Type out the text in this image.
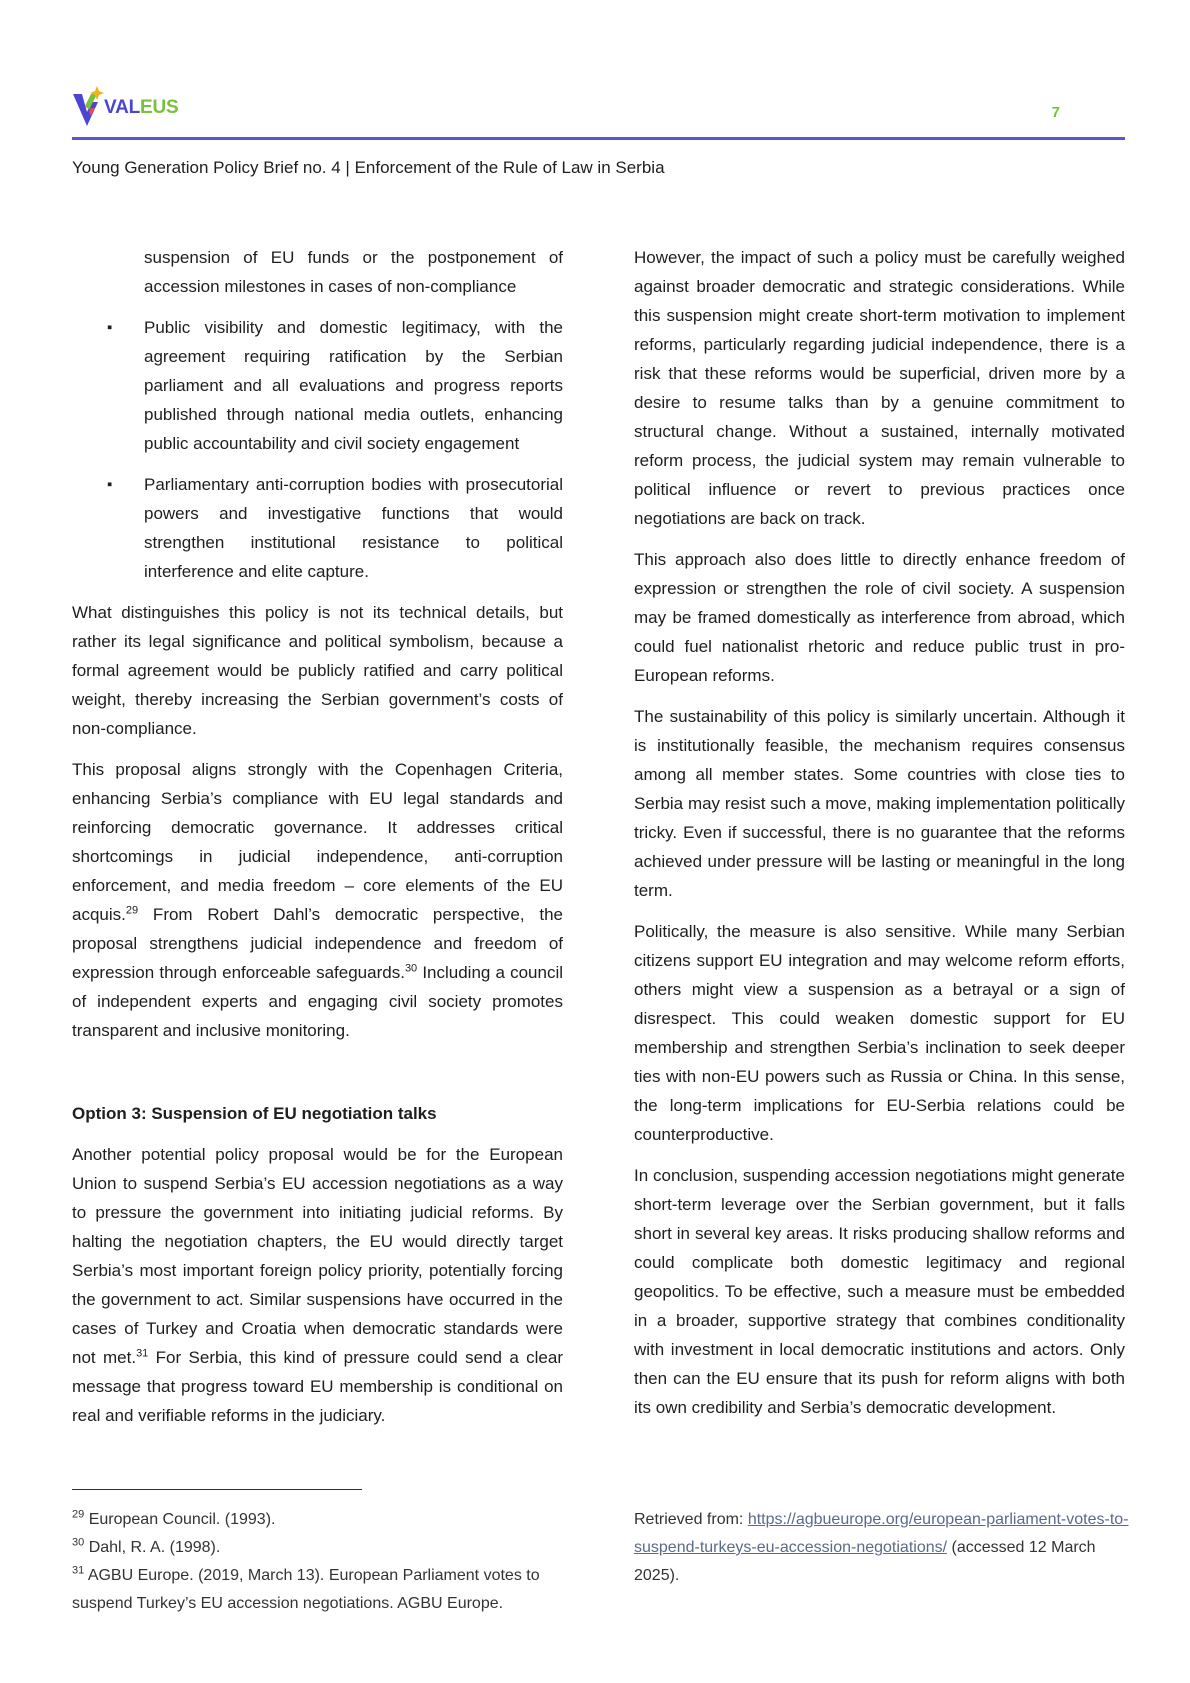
VALEUS	7
Young Generation Policy Brief no. 4 | Enforcement of the Rule of Law in Serbia

suspension of EU funds or the postponement of accession milestones in cases of non-compliance

▪ Public visibility and domestic legitimacy, with the agreement requiring ratification by the Serbian parliament and all evaluations and progress reports published through national media outlets, enhancing public accountability and civil society engagement
▪ Parliamentary anti-corruption bodies with prosecutorial powers and investigative functions that would strengthen institutional resistance to political interference and elite capture.

What distinguishes this policy is not its technical details, but rather its legal significance and political symbolism, because a formal agreement would be publicly ratified and carry political weight, thereby increasing the Serbian government’s costs of non-compliance.

This proposal aligns strongly with the Copenhagen Criteria, enhancing Serbia’s compliance with EU legal standards and reinforcing democratic governance. It addresses critical shortcomings in judicial independence, anti-corruption enforcement, and media freedom – core elements of the EU acquis.$^{29}$ From Robert Dahl’s democratic perspective, the proposal strengthens judicial independence and freedom of expression through enforceable safeguards.$^{30}$ Including a council of independent experts and engaging civil society promotes transparent and inclusive monitoring.

Option 3: Suspension of EU negotiation talks

Another potential policy proposal would be for the European Union to suspend Serbia’s EU accession negotiations as a way to pressure the government into initiating judicial reforms. By halting the negotiation chapters, the EU would directly target Serbia’s most important foreign policy priority, potentially forcing the government to act. Similar suspensions have occurred in the cases of Turkey and Croatia when democratic standards were not met.$^{31}$ For Serbia, this kind of pressure could send a clear message that progress toward EU membership is conditional on real and verifiable reforms in the judiciary.

However, the impact of such a policy must be carefully weighed against broader democratic and strategic considerations. While this suspension might create short-term motivation to implement reforms, particularly regarding judicial independence, there is a risk that these reforms would be superficial, driven more by a desire to resume talks than by a genuine commitment to structural change. Without a sustained, internally motivated reform process, the judicial system may remain vulnerable to political influence or revert to previous practices once negotiations are back on track.

This approach also does little to directly enhance freedom of expression or strengthen the role of civil society. A suspension may be framed domestically as interference from abroad, which could fuel nationalist rhetoric and reduce public trust in pro-European reforms.

The sustainability of this policy is similarly uncertain. Although it is institutionally feasible, the mechanism requires consensus among all member states. Some countries with close ties to Serbia may resist such a move, making implementation politically tricky. Even if successful, there is no guarantee that the reforms achieved under pressure will be lasting or meaningful in the long term.

Politically, the measure is also sensitive. While many Serbian citizens support EU integration and may welcome reform efforts, others might view a suspension as a betrayal or a sign of disrespect. This could weaken domestic support for EU membership and strengthen Serbia’s inclination to seek deeper ties with non-EU powers such as Russia or China. In this sense, the long-term implications for EU-Serbia relations could be counterproductive.

In conclusion, suspending accession negotiations might generate short-term leverage over the Serbian government, but it falls short in several key areas. It risks producing shallow reforms and could complicate both domestic legitimacy and regional geopolitics. To be effective, such a measure must be embedded in a broader, supportive strategy that combines conditionality with investment in local democratic institutions and actors. Only then can the EU ensure that its push for reform aligns with both its own credibility and Serbia’s democratic development.

$^{29}$ European Council. (1993).

$^{30}$ Dahl, R. A. (1998).

$^{31}$ AGBU Europe. (2019, March 13). European Parliament votes to suspend Turkey’s EU accession negotiations. AGBU Europe.

Retrieved from: https://agbueurope.org/european-parliament-votes-to-suspend-turkeys-eu-accession-negotiations/ (accessed 12 March 2025).
